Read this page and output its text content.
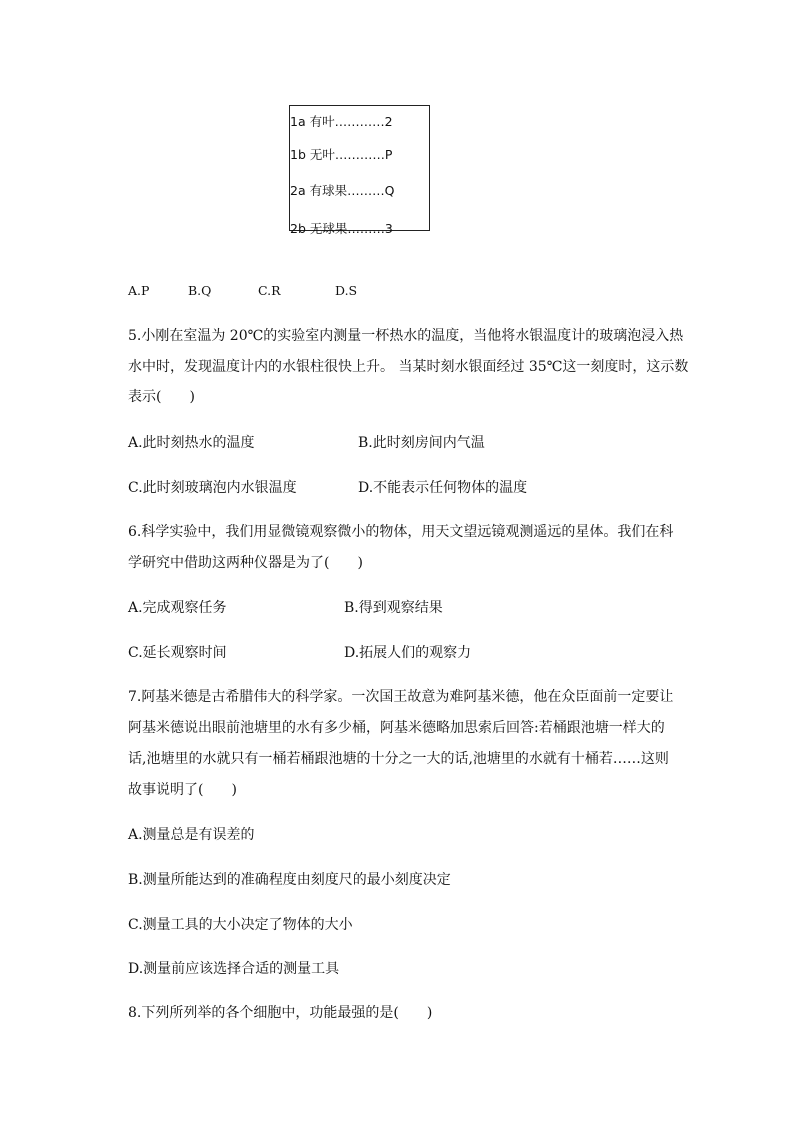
1a 有叶…………2
1b 无叶…………P
2a 有球果………Q
2b 无球果………3
A.P	B.Q	C.R	D.S
5.小刚在室温为 20℃的实验室内测量一杯热水的温度，当他将水银温度计的玻璃泡浸入热
水中时，发现温度计内的水银柱很快上升。 当某时刻水银面经过 35℃这一刻度时，这示数
表示(　　)
A.此时刻热水的温度	B.此时刻房间内气温
C.此时刻玻璃泡内水银温度	D.不能表示任何物体的温度
6.科学实验中，我们用显微镜观察微小的物体，用天文望远镜观测遥远的星体。我们在科
学研究中借助这两种仪器是为了(　　)
A.完成观察任务	B.得到观察结果
C.延长观察时间	D.拓展人们的观察力
7.阿基米德是古希腊伟大的科学家。一次国王故意为难阿基米德，他在众臣面前一定要让
阿基米德说出眼前池塘里的水有多少桶，阿基米德略加思索后回答:若桶跟池塘一样大的
话,池塘里的水就只有一桶若桶跟池塘的十分之一大的话,池塘里的水就有十桶若……这则
故事说明了(　　)
A.测量总是有误差的
B.测量所能达到的准确程度由刻度尺的最小刻度决定
C.测量工具的大小决定了物体的大小
D.测量前应该选择合适的测量工具
8.下列所列举的各个细胞中，功能最强的是(　　)
